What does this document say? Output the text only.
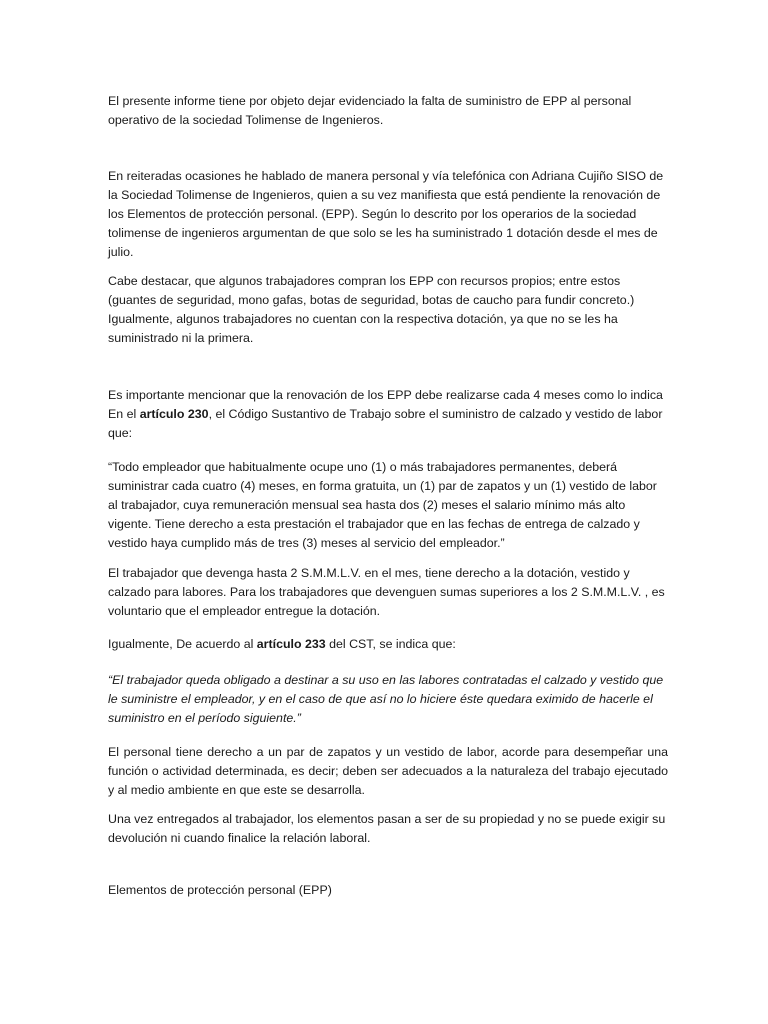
El presente informe tiene por objeto dejar evidenciado la falta de suministro de EPP al personal operativo de la sociedad Tolimense de Ingenieros.

En reiteradas ocasiones he hablado de manera personal y vía telefónica con Adriana Cujiño SISO de la Sociedad Tolimense de Ingenieros, quien a su vez manifiesta que está pendiente la renovación de los Elementos de protección personal. (EPP). Según lo descrito por los operarios de la sociedad tolimense de ingenieros argumentan de que solo se les ha suministrado 1 dotación desde el mes de julio.

Cabe destacar, que algunos trabajadores compran los EPP con recursos propios; entre estos (guantes de seguridad, mono gafas, botas de seguridad, botas de caucho para fundir concreto.) Igualmente, algunos trabajadores no cuentan con la respectiva dotación, ya que no se les ha suministrado ni la primera.

Es importante mencionar que la renovación de los EPP debe realizarse cada 4 meses como lo indica En el artículo 230, el Código Sustantivo de Trabajo sobre el suministro de calzado y vestido de labor que:

“Todo empleador que habitualmente ocupe uno (1) o más trabajadores permanentes, deberá suministrar cada cuatro (4) meses, en forma gratuita, un (1) par de zapatos y un (1) vestido de labor al trabajador, cuya remuneración mensual sea hasta dos (2) meses el salario mínimo más alto vigente. Tiene derecho a esta prestación el trabajador que en las fechas de entrega de calzado y vestido haya cumplido más de tres (3) meses al servicio del empleador.”

El trabajador que devenga hasta 2 S.M.M.L.V. en el mes, tiene derecho a la dotación, vestido y calzado para labores. Para los trabajadores que devenguen sumas superiores a los 2 S.M.M.L.V. , es voluntario que el empleador entregue la dotación.

Igualmente, De acuerdo al artículo 233 del CST, se indica que:

“El trabajador queda obligado a destinar a su uso en las labores contratadas el calzado y vestido que le suministre el empleador, y en el caso de que así no lo hiciere éste quedara eximido de hacerle el suministro en el período siguiente.”

El personal tiene derecho a un par de zapatos y un vestido de labor, acorde para desempeñar una función o actividad determinada, es decir; deben ser adecuados a la naturaleza del trabajo ejecutado y al medio ambiente en que este se desarrolla.

Una vez entregados al trabajador, los elementos pasan a ser de su propiedad y no se puede exigir su devolución ni cuando finalice la relación laboral.

Elementos de protección personal (EPP)
